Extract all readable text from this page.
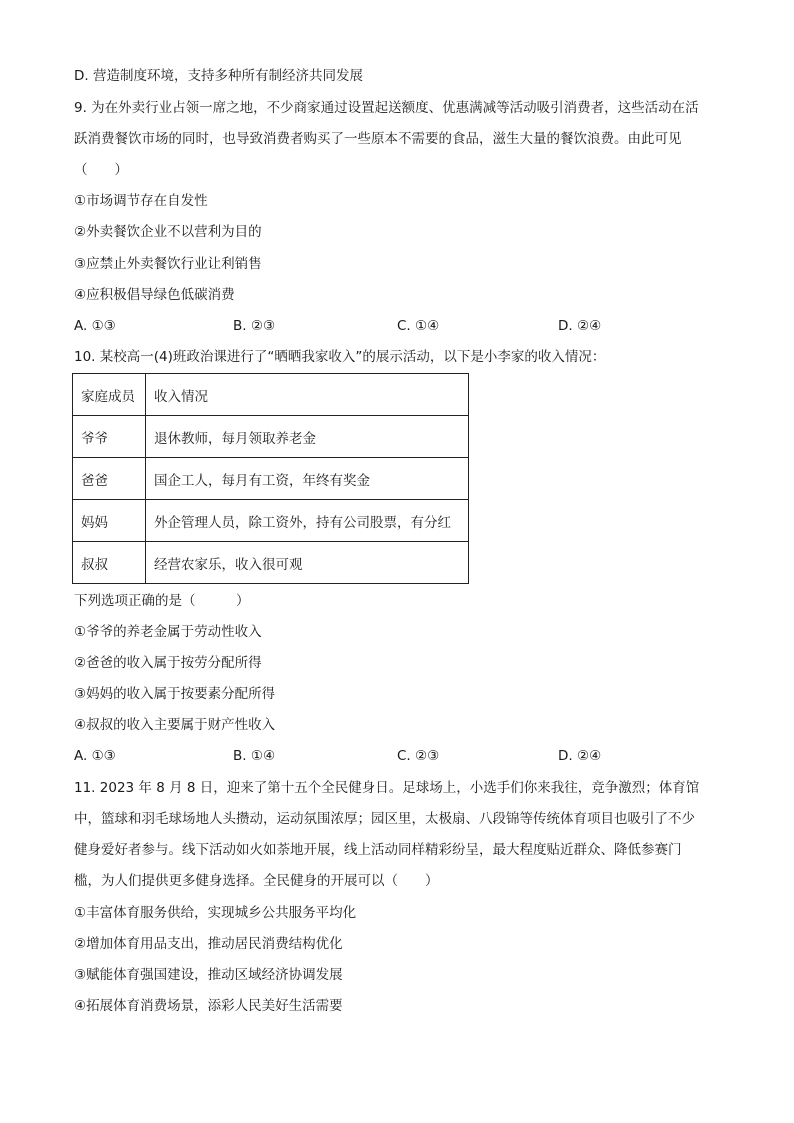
D. 营造制度环境，支持多种所有制经济共同发展
9. 为在外卖行业占领一席之地，不少商家通过设置起送额度、优惠满减等活动吸引消费者，这些活动在活
跃消费餐饮市场的同时，也导致消费者购买了一些原本不需要的食品，滋生大量的餐饮浪费。由此可见
（　　）
①市场调节存在自发性
②外卖餐饮企业不以营利为目的
③应禁止外卖餐饮行业让利销售
④应积极倡导绿色低碳消费
A. ①③	B. ②③	C. ①④	D. ②④
10. 某校高一(4)班政治课进行了“晒晒我家收入”的展示活动，以下是小李家的收入情况：
家庭成员	收入情况
爷爷	退休教师，每月领取养老金
爸爸	国企工人，每月有工资，年终有奖金
妈妈	外企管理人员，除工资外，持有公司股票，有分红
叔叔	经营农家乐，收入很可观
下列选项正确的是（　　　）
①爷爷的养老金属于劳动性收入
②爸爸的收入属于按劳分配所得
③妈妈的收入属于按要素分配所得
④叔叔的收入主要属于财产性收入
A. ①③	B. ①④	C. ②③	D. ②④
11. 2023 年 8 月 8 日，迎来了第十五个全民健身日。足球场上，小选手们你来我往，竞争激烈；体育馆
中，篮球和羽毛球场地人头攒动，运动氛围浓厚；园区里，太极扇、八段锦等传统体育项目也吸引了不少
健身爱好者参与。线下活动如火如荼地开展，线上活动同样精彩纷呈，最大程度贴近群众、降低参赛门
槛，为人们提供更多健身选择。全民健身的开展可以（　　）
①丰富体育服务供给，实现城乡公共服务平均化
②增加体育用品支出，推动居民消费结构优化
③赋能体育强国建设，推动区域经济协调发展
④拓展体育消费场景，添彩人民美好生活需要
